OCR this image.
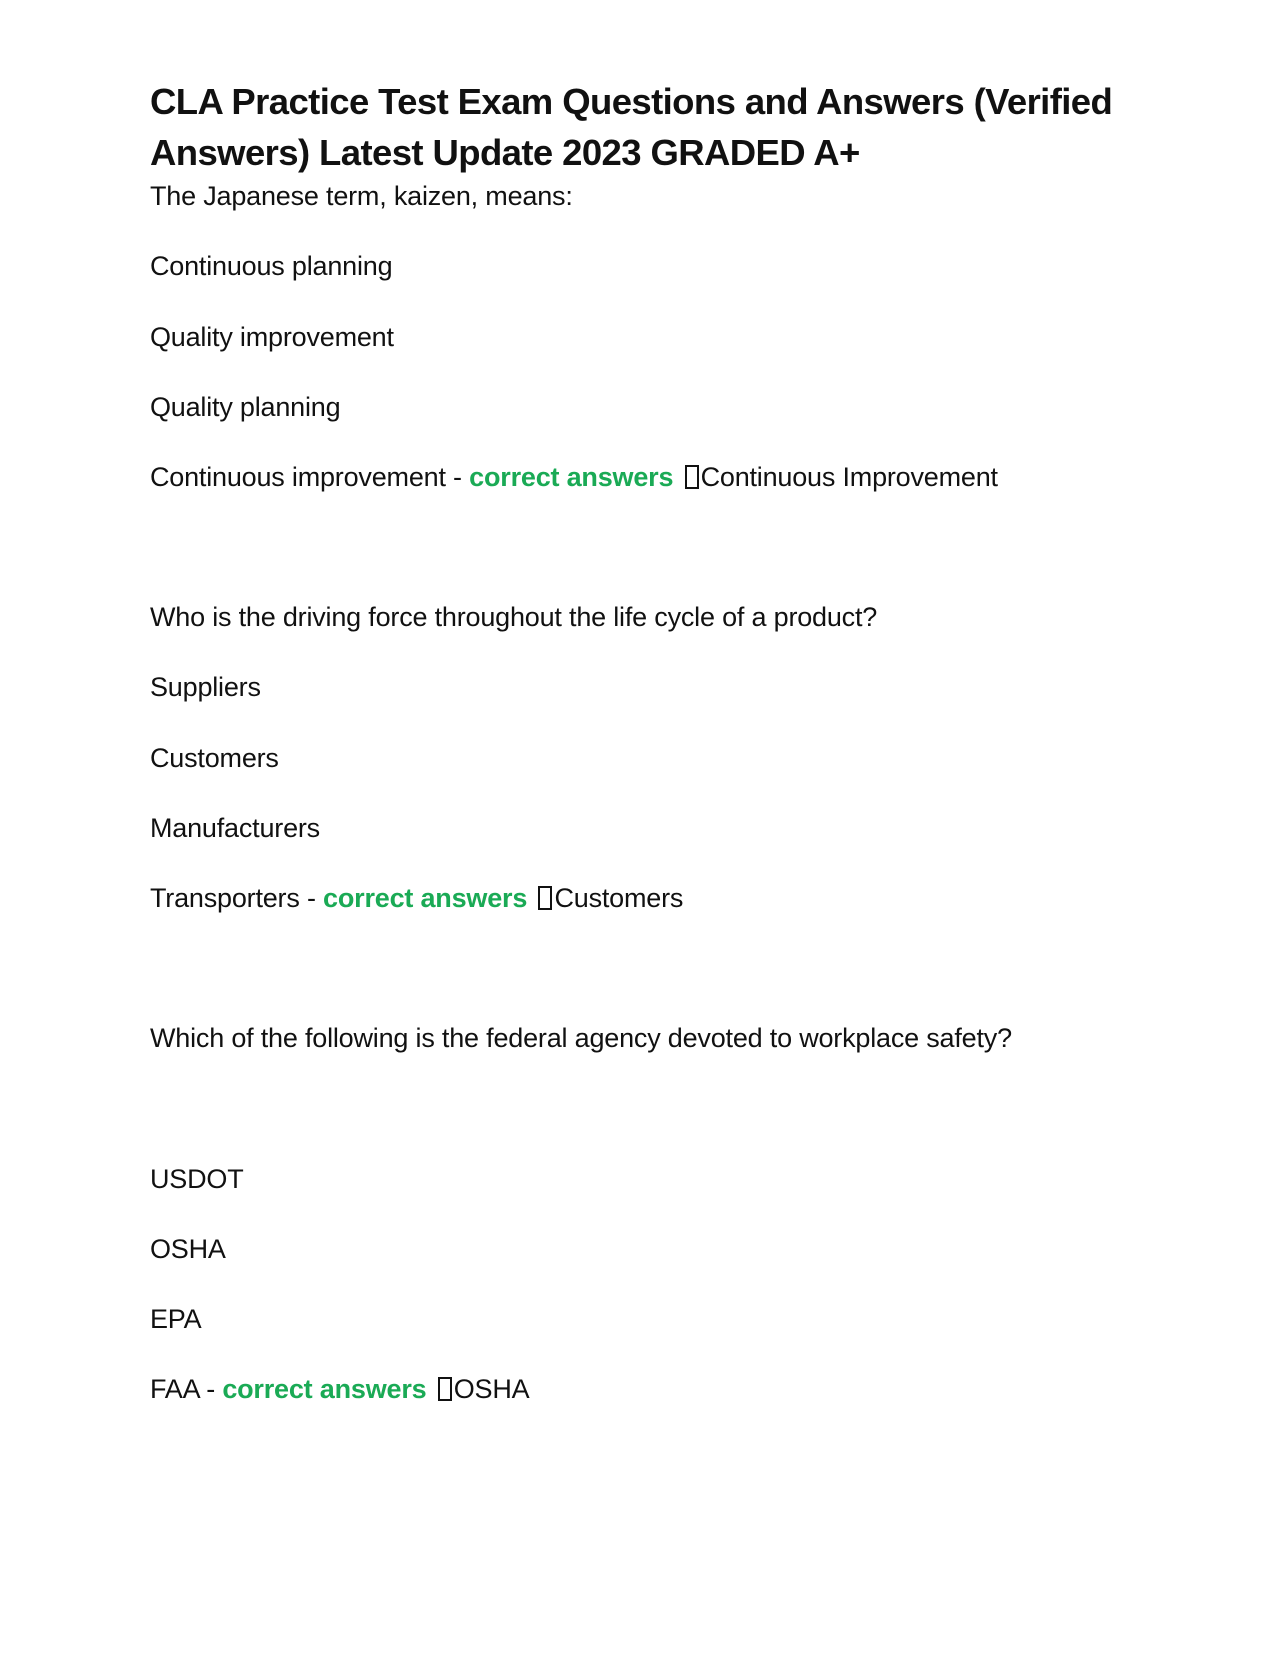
CLA Practice Test Exam Questions and Answers (Verified Answers) Latest Update 2023 GRADED A+

The Japanese term, kaizen, means:

Continuous planning

Quality improvement

Quality planning

Continuous improvement - correct answers Continuous Improvement

Who is the driving force throughout the life cycle of a product?

Suppliers

Customers

Manufacturers

Transporters - correct answers Customers

Which of the following is the federal agency devoted to workplace safety?

USDOT

OSHA

EPA

FAA - correct answers OSHA
